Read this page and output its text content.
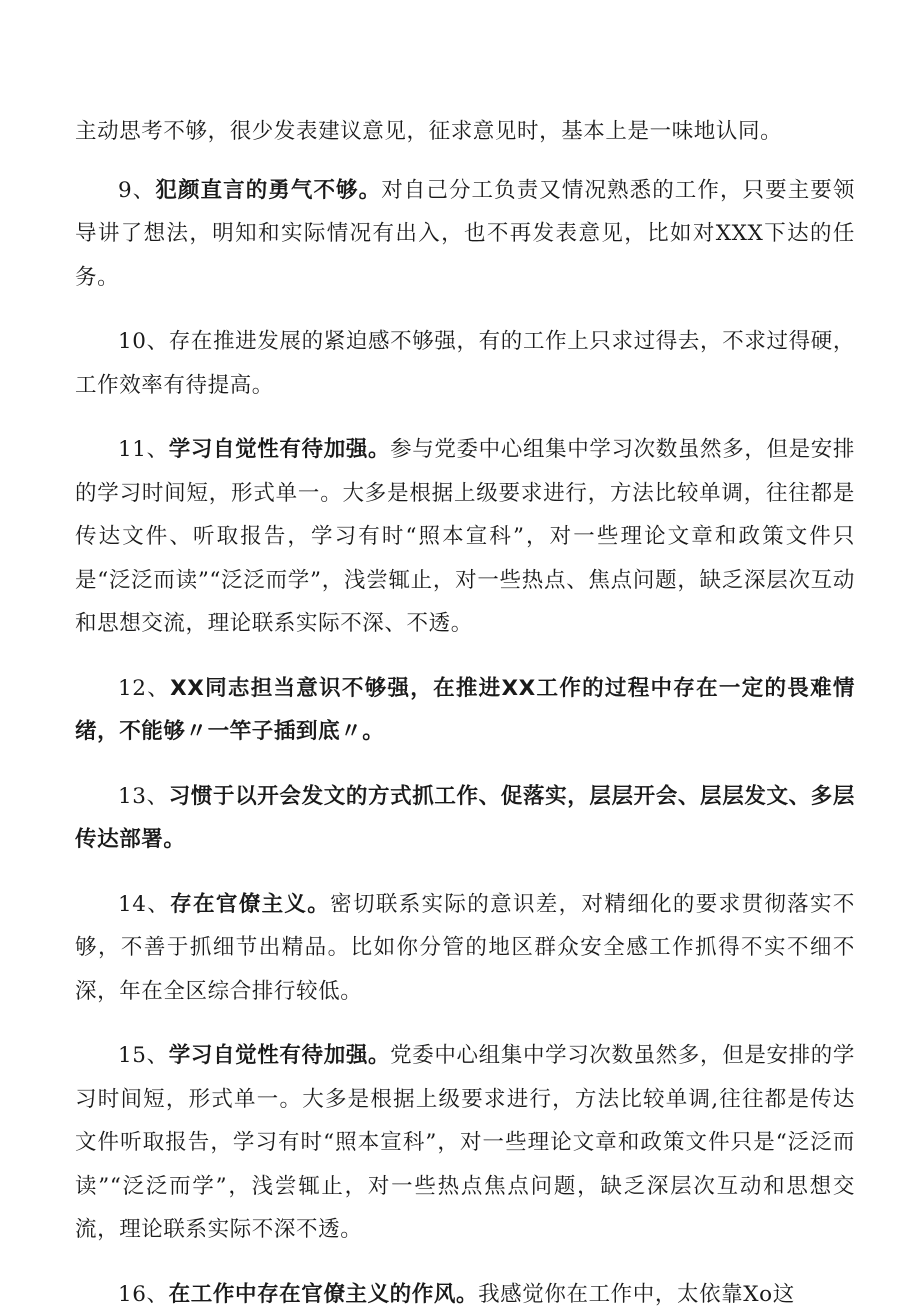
主动思考不够，很少发表建议意见，征求意见时，基本上是一味地认同。

9、犯颜直言的勇气不够。对自己分工负责又情况熟悉的工作，只要主要领导讲了想法，明知和实际情况有出入，也不再发表意见，比如对XXX下达的任务。

10、存在推进发展的紧迫感不够强，有的工作上只求过得去，不求过得硬，工作效率有待提高。

11、学习自觉性有待加强。参与党委中心组集中学习次数虽然多，但是安排的学习时间短，形式单一。大多是根据上级要求进行，方法比较单调，往往都是传达文件、听取报告，学习有时“照本宣科”，对一些理论文章和政策文件只是“泛泛而读”“泛泛而学”，浅尝辄止，对一些热点、焦点问题，缺乏深层次互动和思想交流，理论联系实际不深、不透。

12、XX同志担当意识不够强，在推进XX工作的过程中存在一定的畏难情绪，不能够〃一竿子插到底〃。

13、习惯于以开会发文的方式抓工作、促落实，层层开会、层层发文、多层传达部署。

14、存在官僚主义。密切联系实际的意识差，对精细化的要求贯彻落实不够，不善于抓细节出精品。比如你分管的地区群众安全感工作抓得不实不细不深，年在全区综合排行较低。

15、学习自觉性有待加强。党委中心组集中学习次数虽然多，但是安排的学习时间短，形式单一。大多是根据上级要求进行，方法比较单调,往往都是传达文件听取报告，学习有时“照本宣科”，对一些理论文章和政策文件只是“泛泛而读”“泛泛而学”，浅尝辄止，对一些热点焦点问题，缺乏深层次互动和思想交流，理论联系实际不深不透。

16、在工作中存在官僚主义的作风。我感觉你在工作中，太依靠Xo这
